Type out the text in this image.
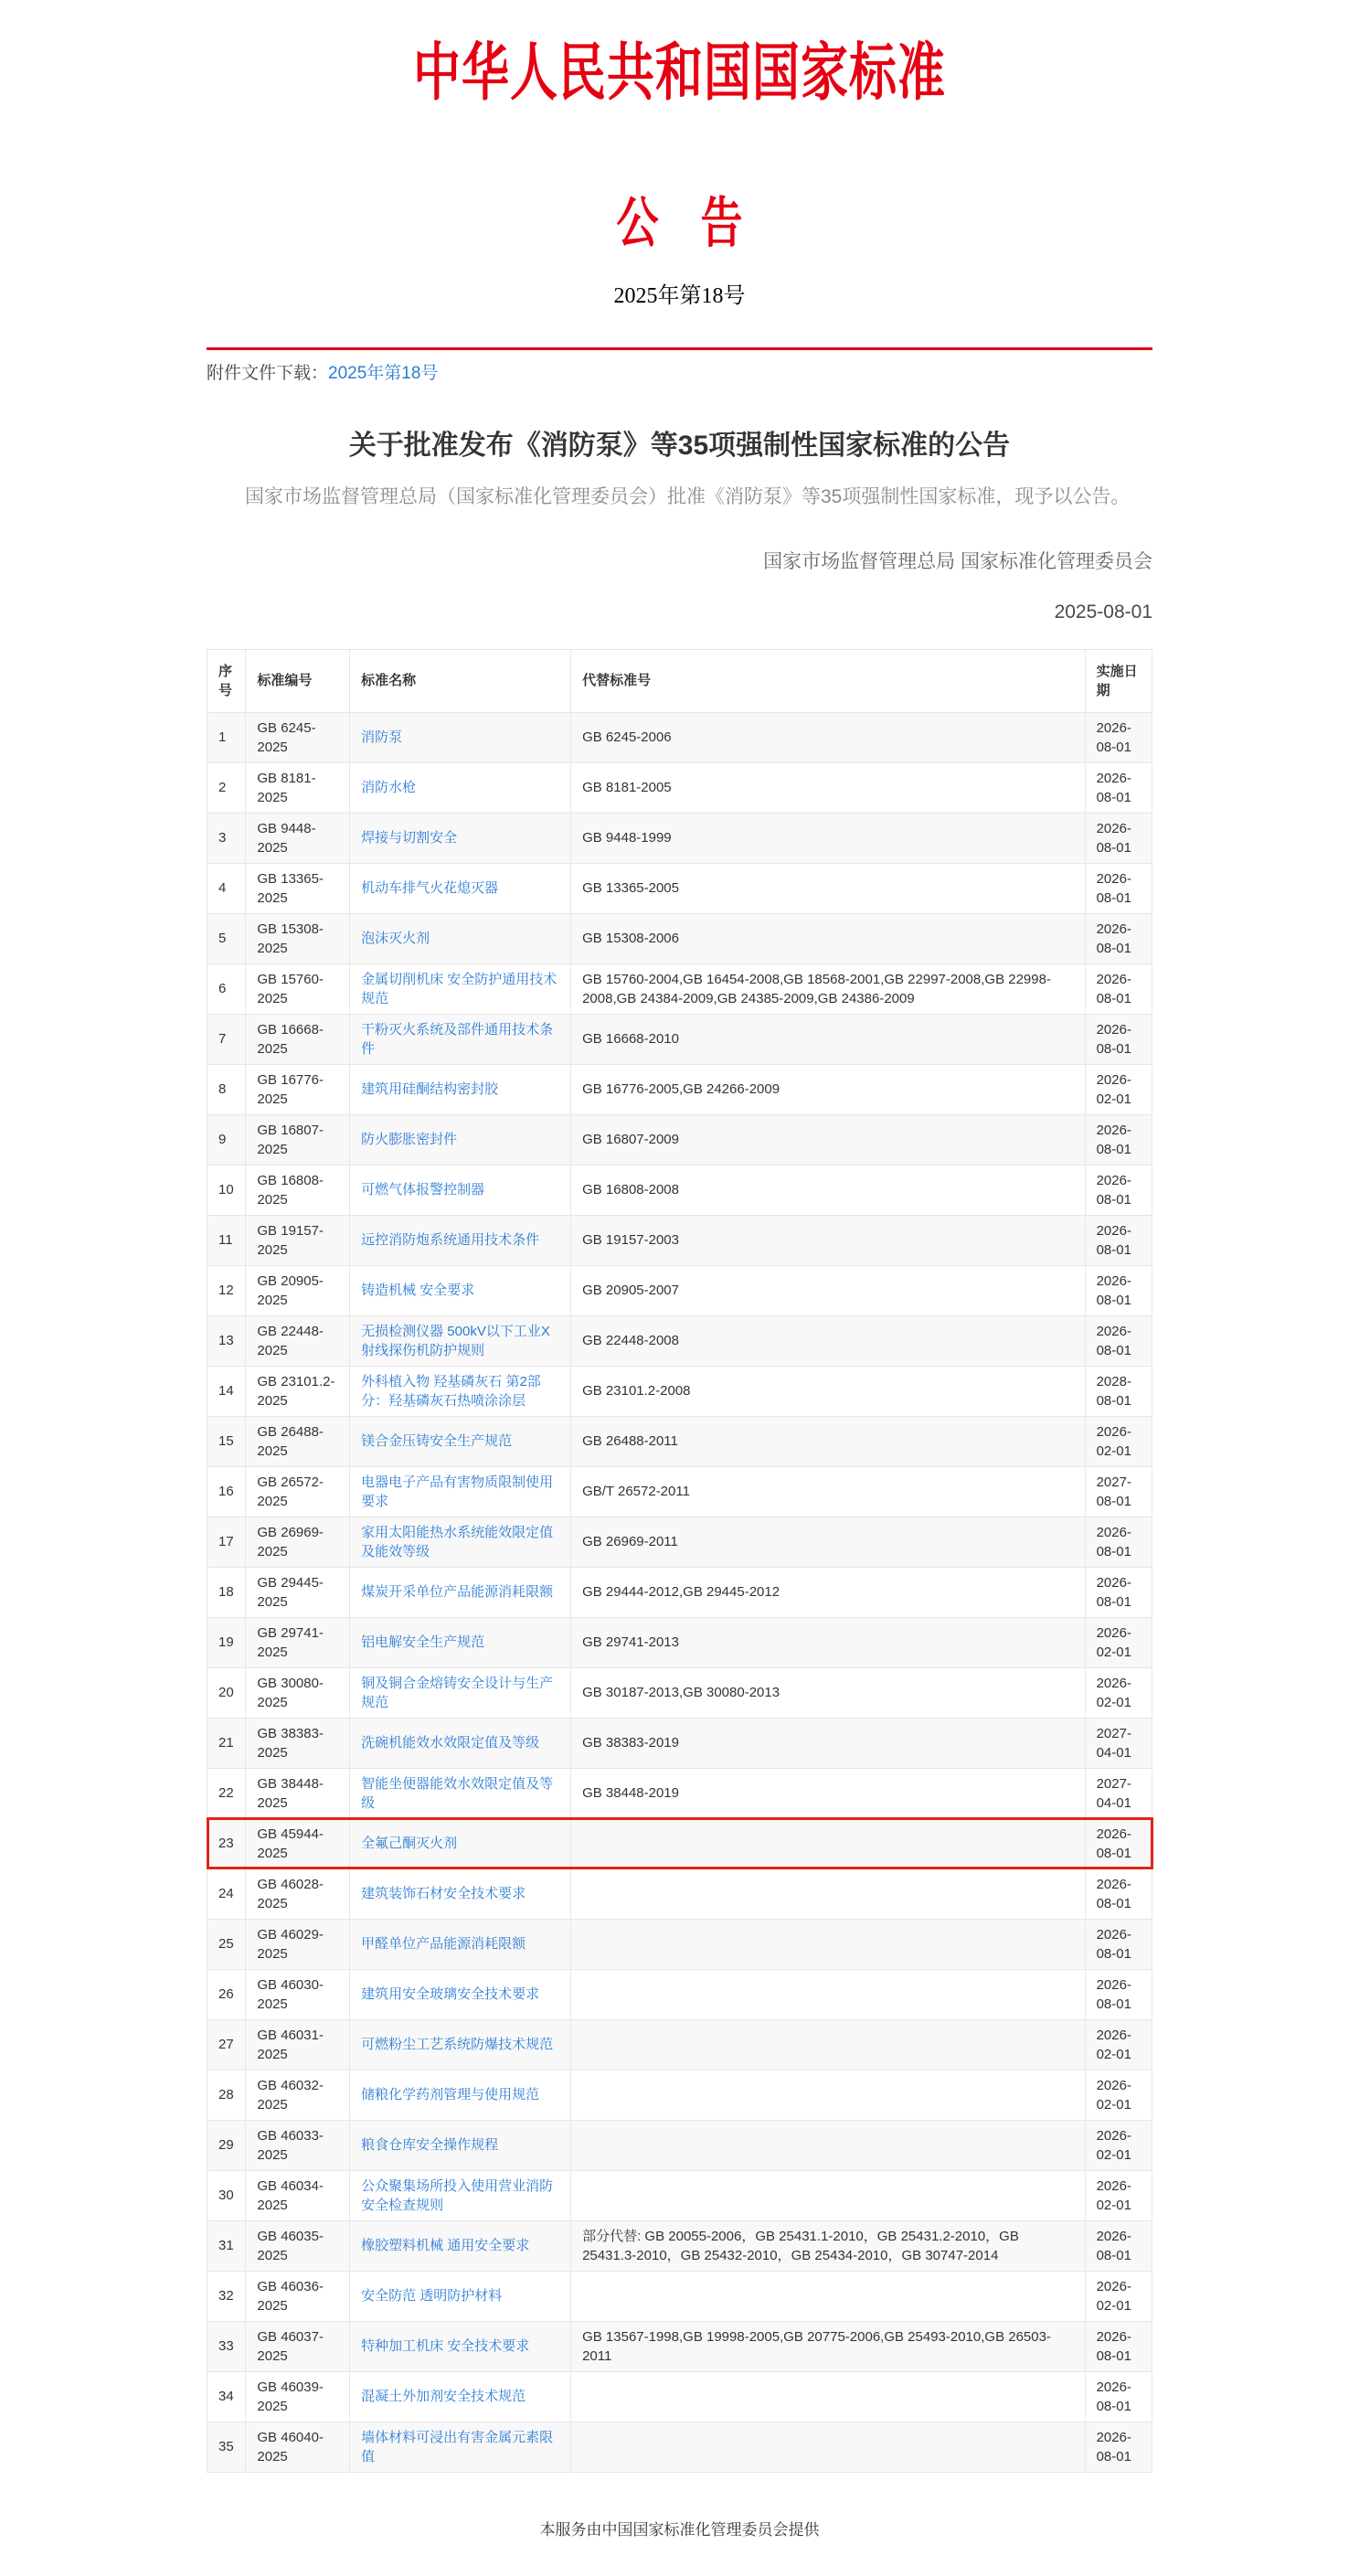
中华人民共和国国家标准
公　告
2025年第18号
附件文件下载：2025年第18号
关于批准发布《消防泵》等35项强制性国家标准的公告

国家市场监督管理总局（国家标准化管理委员会）批准《消防泵》等35项强制性国家标准，现予以公告。

国家市场监督管理总局 国家标准化管理委员会
2025-08-01
序号	标准编号	标准名称	代替标准号	实施日期
1	GB 6245-2025	消防泵	GB 6245-2006	2026-08-01
2	GB 8181-2025	消防水枪	GB 8181-2005	2026-08-01
3	GB 9448-2025	焊接与切割安全	GB 9448-1999	2026-08-01
4	GB 13365-2025	机动车排气火花熄灭器	GB 13365-2005	2026-08-01
5	GB 15308-2025	泡沫灭火剂	GB 15308-2006	2026-08-01
6	GB 15760-2025	金属切削机床 安全防护通用技术规范	GB 15760-2004,GB 16454-2008,GB 18568-2001,GB 22997-2008,GB 22998-2008,GB 24384-2009,GB 24385-2009,GB 24386-2009	2026-08-01
7	GB 16668-2025	干粉灭火系统及部件通用技术条件	GB 16668-2010	2026-08-01
8	GB 16776-2025	建筑用硅酮结构密封胶	GB 16776-2005,GB 24266-2009	2026-02-01
9	GB 16807-2025	防火膨胀密封件	GB 16807-2009	2026-08-01
10	GB 16808-2025	可燃气体报警控制器	GB 16808-2008	2026-08-01
11	GB 19157-2025	远控消防炮系统通用技术条件	GB 19157-2003	2026-08-01
12	GB 20905-2025	铸造机械 安全要求	GB 20905-2007	2026-08-01
13	GB 22448-2025	无损检测仪器 500kV以下工业X射线探伤机防护规则	GB 22448-2008	2026-08-01
14	GB 23101.2-2025	外科植入物 羟基磷灰石 第2部分：羟基磷灰石热喷涂涂层	GB 23101.2-2008	2028-08-01
15	GB 26488-2025	镁合金压铸安全生产规范	GB 26488-2011	2026-02-01
16	GB 26572-2025	电器电子产品有害物质限制使用要求	GB/T 26572-2011	2027-08-01
17	GB 26969-2025	家用太阳能热水系统能效限定值及能效等级	GB 26969-2011	2026-08-01
18	GB 29445-2025	煤炭开采单位产品能源消耗限额	GB 29444-2012,GB 29445-2012	2026-08-01
19	GB 29741-2025	铝电解安全生产规范	GB 29741-2013	2026-02-01
20	GB 30080-2025	铜及铜合金熔铸安全设计与生产规范	GB 30187-2013,GB 30080-2013	2026-02-01
21	GB 38383-2025	洗碗机能效水效限定值及等级	GB 38383-2019	2027-04-01
22	GB 38448-2025	智能坐便器能效水效限定值及等级	GB 38448-2019	2027-04-01
23	GB 45944-2025	全氟己酮灭火剂		2026-08-01
24	GB 46028-2025	建筑装饰石材安全技术要求		2026-08-01
25	GB 46029-2025	甲醛单位产品能源消耗限额		2026-08-01
26	GB 46030-2025	建筑用安全玻璃安全技术要求		2026-08-01
27	GB 46031-2025	可燃粉尘工艺系统防爆技术规范		2026-02-01
28	GB 46032-2025	储粮化学药剂管理与使用规范		2026-02-01
29	GB 46033-2025	粮食仓库安全操作规程		2026-02-01
30	GB 46034-2025	公众聚集场所投入使用营业消防安全检查规则		2026-02-01
31	GB 46035-2025	橡胶塑料机械 通用安全要求	部分代替: GB 20055-2006，GB 25431.1-2010，GB 25431.2-2010，GB 25431.3-2010，GB 25432-2010，GB 25434-2010，GB 30747-2014	2026-08-01
32	GB 46036-2025	安全防范 透明防护材料		2026-02-01
33	GB 46037-2025	特种加工机床 安全技术要求	GB 13567-1998,GB 19998-2005,GB 20775-2006,GB 25493-2010,GB 26503-2011	2026-08-01
34	GB 46039-2025	混凝土外加剂安全技术规范		2026-08-01
35	GB 46040-2025	墙体材料可浸出有害金属元素限值		2026-08-01
本服务由中国国家标准化管理委员会提供
